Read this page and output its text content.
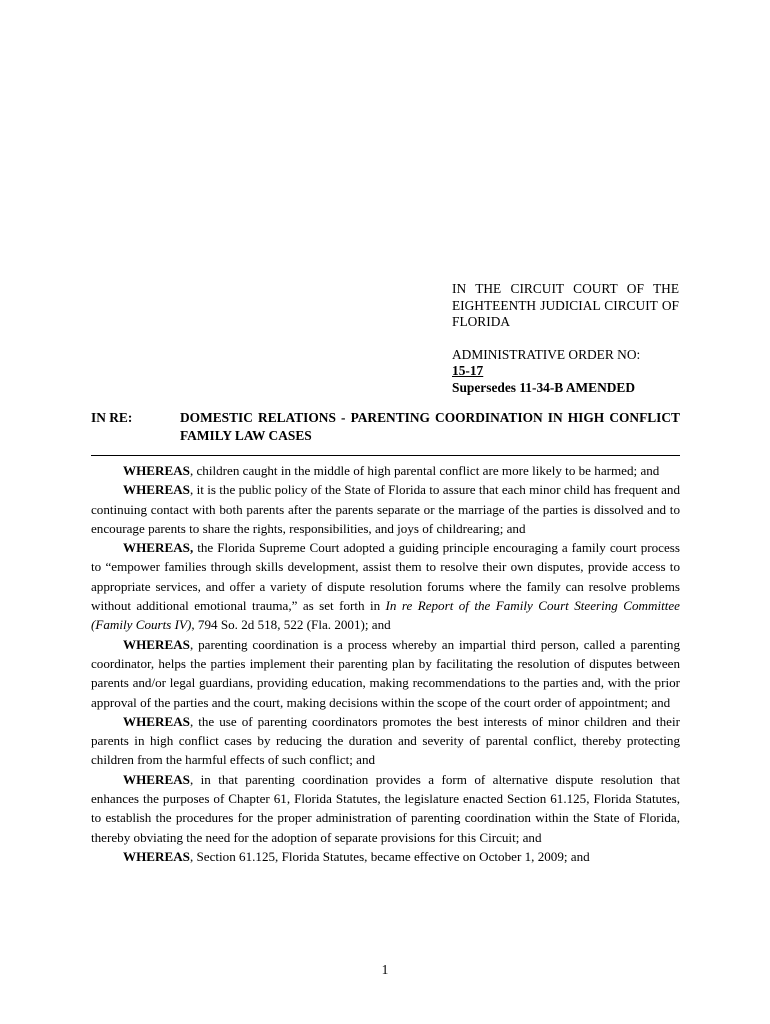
IN THE CIRCUIT COURT OF THE EIGHTEENTH JUDICIAL CIRCUIT OF FLORIDA
ADMINISTRATIVE ORDER NO:
15-17
Supersedes 11-34-B AMENDED
IN RE:	DOMESTIC RELATIONS - PARENTING COORDINATION IN HIGH CONFLICT FAMILY LAW CASES

WHEREAS, children caught in the middle of high parental conflict are more likely to be harmed; and

WHEREAS, it is the public policy of the State of Florida to assure that each minor child has frequent and continuing contact with both parents after the parents separate or the marriage of the parties is dissolved and to encourage parents to share the rights, responsibilities, and joys of childrearing; and

WHEREAS, the Florida Supreme Court adopted a guiding principle encouraging a family court process to “empower families through skills development, assist them to resolve their own disputes, provide access to appropriate services, and offer a variety of dispute resolution forums where the family can resolve problems without additional emotional trauma,” as set forth in In re Report of the Family Court Steering Committee (Family Courts IV), 794 So. 2d 518, 522 (Fla. 2001); and

WHEREAS, parenting coordination is a process whereby an impartial third person, called a parenting coordinator, helps the parties implement their parenting plan by facilitating the resolution of disputes between parents and/or legal guardians, providing education, making recommendations to the parties and, with the prior approval of the parties and the court, making decisions within the scope of the court order of appointment; and

WHEREAS, the use of parenting coordinators promotes the best interests of minor children and their parents in high conflict cases by reducing the duration and severity of parental conflict, thereby protecting children from the harmful effects of such conflict; and

WHEREAS, in that parenting coordination provides a form of alternative dispute resolution that enhances the purposes of Chapter 61, Florida Statutes, the legislature enacted Section 61.125, Florida Statutes, to establish the procedures for the proper administration of parenting coordination within the State of Florida, thereby obviating the need for the adoption of separate provisions for this Circuit; and

WHEREAS, Section 61.125, Florida Statutes, became effective on October 1, 2009; and

1
